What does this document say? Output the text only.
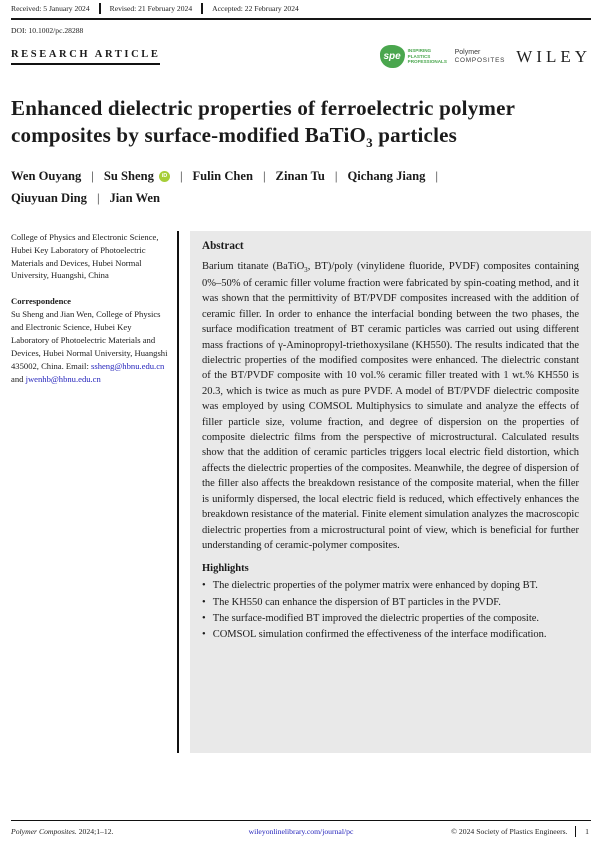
Received: 5 January 2024	Revised: 21 February 2024	Accepted: 22 February 2024
DOI: 10.1002/pc.28288
RESEARCH ARTICLE	spe
INSPIRING PLASTICS PROFESSIONALS
Polymer
COMPOSITES WILEY
Enhanced dielectric properties of ferroelectric polymer composites by surface-modified BaTiO$_3$ particles
Wen Ouyang | Su Sheng	iD | Fulin Chen | Zinan Tu | Qichang Jiang |
Qiuyuan Ding | Jian Wen

College of Physics and Electronic Science, Hubei Key Laboratory of Photoelectric Materials and Devices, Hubei Normal University, Huangshi, China

Correspondence

Su Sheng and Jian Wen, College of Physics and Electronic Science, Hubei Key Laboratory of Photoelectric Materials and Devices, Hubei Normal University, Huangshi 435002, China. Email: ssheng@hbnu.edu.cn and jwenhb@hbnu.edu.cn

Abstract

Barium titanate (BaTiO$_3$, BT)/poly (vinylidene fluoride, PVDF) composites containing 0%–50% of ceramic filler volume fraction were fabricated by spin-coating method, and it was shown that the permittivity of BT/PVDF composites increased with the addition of ceramic filler. In order to enhance the interfacial bonding between the two phases, the surface modification treatment of BT ceramic particles was carried out using different mass fractions of γ-Aminopropyl-triethoxysilane (KH550). The results indicated that the dielectric properties of the modified composites were enhanced. The dielectric constant of the BT/PVDF composite with 10 vol.% ceramic filler treated with 1 wt.% KH550 is 20.3, which is twice as much as pure PVDF. A model of BT/PVDF dielectric composite was employed by using COMSOL Multiphysics to simulate and analyze the effects of filler particle size, volume fraction, and degree of dispersion on the properties of composite dielectric films from the perspective of microstructural. Calculated results show that the addition of ceramic particles triggers local electric field distortion, which affects the dielectric properties of the composites. Meanwhile, the degree of dispersion of the filler also affects the breakdown resistance of the composite material, when the filler is uniformly dispersed, the local electric field is reduced, which effectively enhances the breakdown resistance of the material. Finite element simulation analyzes the macroscopic dielectric properties from a microstructural point of view, which is beneficial for further understanding of ceramic-polymer composites.

Highlights
• The dielectric properties of the polymer matrix were enhanced by doping BT.
• The KH550 can enhance the dispersion of BT particles in the PVDF.
• The surface-modified BT improved the dielectric properties of the composite.
• COMSOL simulation confirmed the effectiveness of the interface modification.
Polymer Composites. 2024;1–12.	wileyonlinelibrary.com/journal/pc	© 2024 Society of Plastics Engineers. 1
